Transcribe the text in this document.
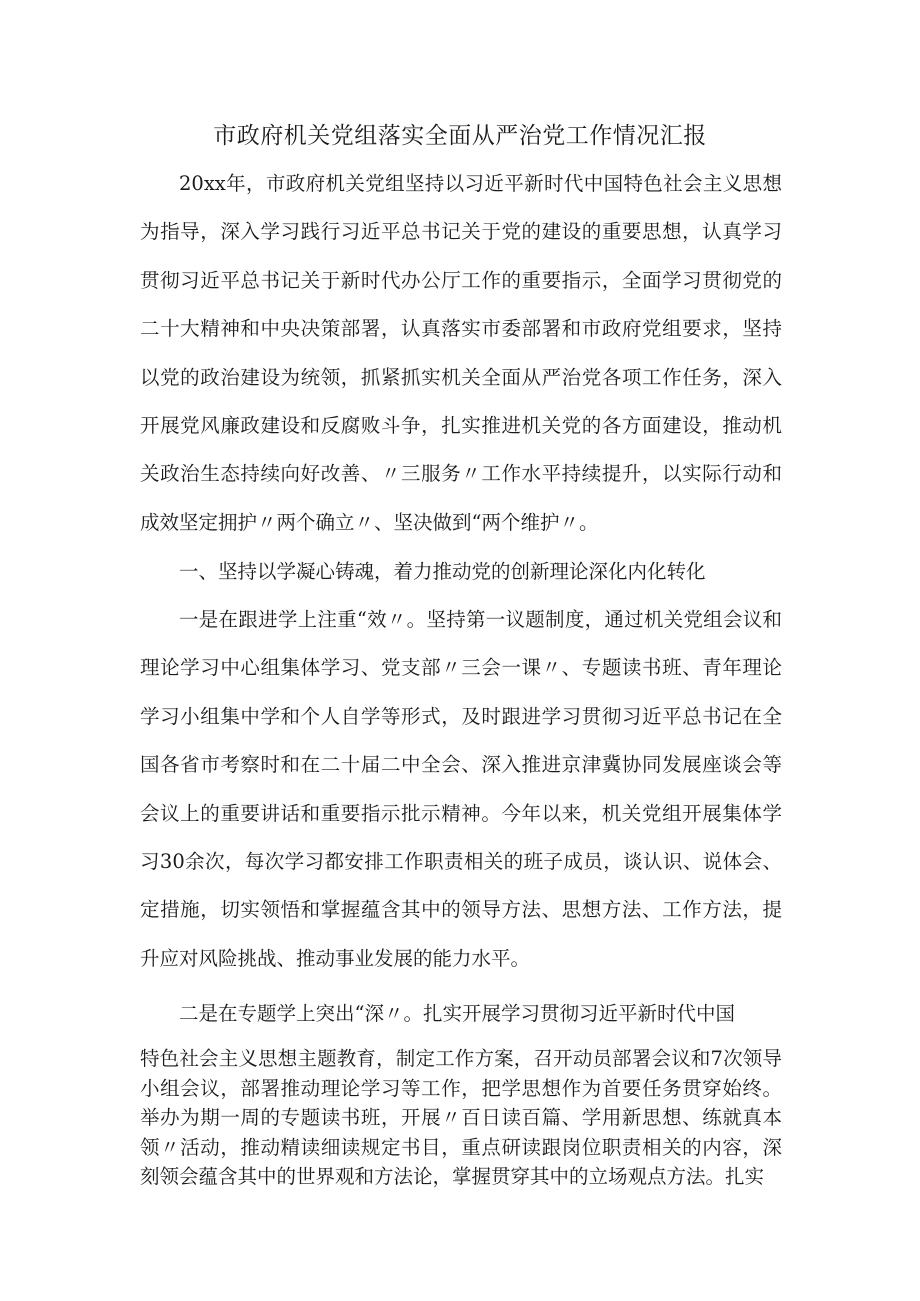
市政府机关党组落实全面从严治党工作情况汇报

20xx年，市政府机关党组坚持以习近平新时代中国特色社会主义思想为指导，深入学习践行习近平总书记关于党的建设的重要思想，认真学习贯彻习近平总书记关于新时代办公厅工作的重要指示，全面学习贯彻党的二十大精神和中央决策部署，认真落实市委部署和市政府党组要求，坚持以党的政治建设为统领，抓紧抓实机关全面从严治党各项工作任务，深入开展党风廉政建设和反腐败斗争，扎实推进机关党的各方面建设，推动机关政治生态持续向好改善、〃三服务〃工作水平持续提升，以实际行动和成效坚定拥护〃两个确立〃、坚决做到“两个维护〃。

一、坚持以学凝心铸魂，着力推动党的创新理论深化内化转化

一是在跟进学上注重“效〃。坚持第一议题制度，通过机关党组会议和理论学习中心组集体学习、党支部〃三会一课〃、专题读书班、青年理论学习小组集中学和个人自学等形式，及时跟进学习贯彻习近平总书记在全国各省市考察时和在二十届二中全会、深入推进京津冀协同发展座谈会等会议上的重要讲话和重要指示批示精神。今年以来，机关党组开展集体学习30余次，每次学习都安排工作职责相关的班子成员，谈认识、说体会、定措施，切实领悟和掌握蕴含其中的领导方法、思想方法、工作方法，提升应对风险挑战、推动事业发展的能力水平。

二是在专题学上突出“深〃。扎实开展学习贯彻习近平新时代中国

特色社会主义思想主题教育，制定工作方案，召开动员部署会议和7次领导小组会议，部署推动理论学习等工作，把学思想作为首要任务贯穿始终。举办为期一周的专题读书班，开展〃百日读百篇、学用新思想、练就真本领〃活动，推动精读细读规定书目，重点研读跟岗位职责相关的内容，深刻领会蕴含其中的世界观和方法论，掌握贯穿其中的立场观点方法。扎实
